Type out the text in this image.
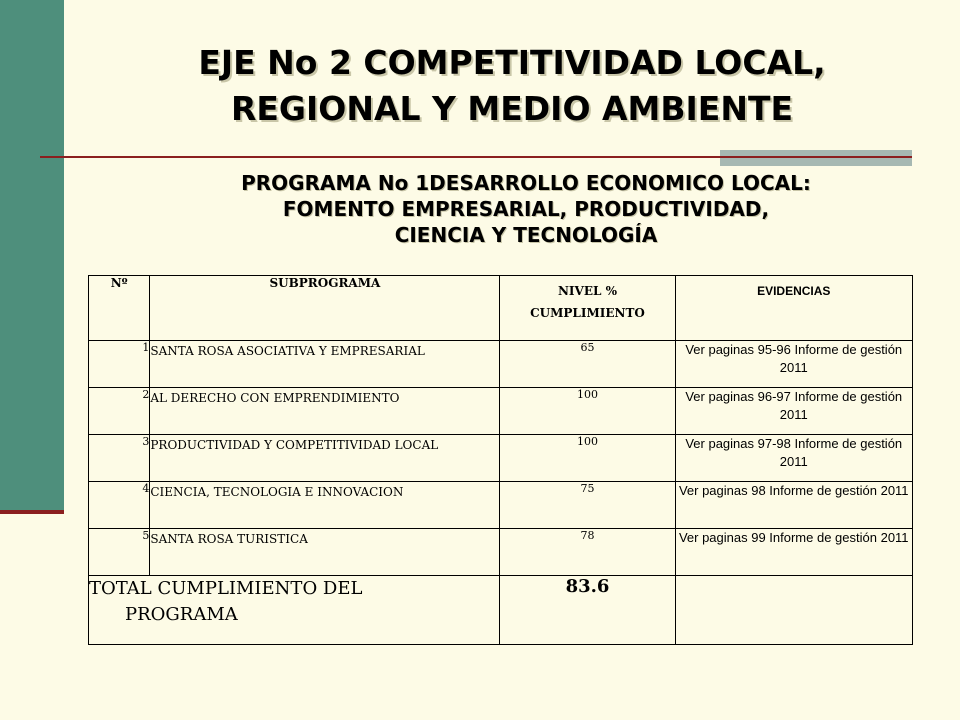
EJE No 2 COMPETITIVIDAD LOCAL,
REGIONAL Y MEDIO AMBIENTE
PROGRAMA No 1DESARROLLO ECONOMICO LOCAL:
FOMENTO EMPRESARIAL, PRODUCTIVIDAD,
CIENCIA Y TECNOLOGÍA
Nº	SUBPROGRAMA	NIVEL % CUMPLIMIENTO	EVIDENCIAS
1	SANTA ROSA ASOCIATIVA Y EMPRESARIAL	65	Ver paginas 95-96 Informe de gestión 2011
2	AL DERECHO CON EMPRENDIMIENTO	100	Ver paginas 96-97 Informe de gestión 2011
3	PRODUCTIVIDAD Y COMPETITIVIDAD LOCAL	100	Ver paginas 97-98 Informe de gestión 2011
4	CIENCIA, TECNOLOGIA E INNOVACION	75	Ver paginas 98 Informe de gestión 2011
5	SANTA ROSA TURISTICA	78	Ver paginas 99 Informe de gestión 2011

TOTAL CUMPLIMIENTO DEL
PROGRAMA		83.6	
